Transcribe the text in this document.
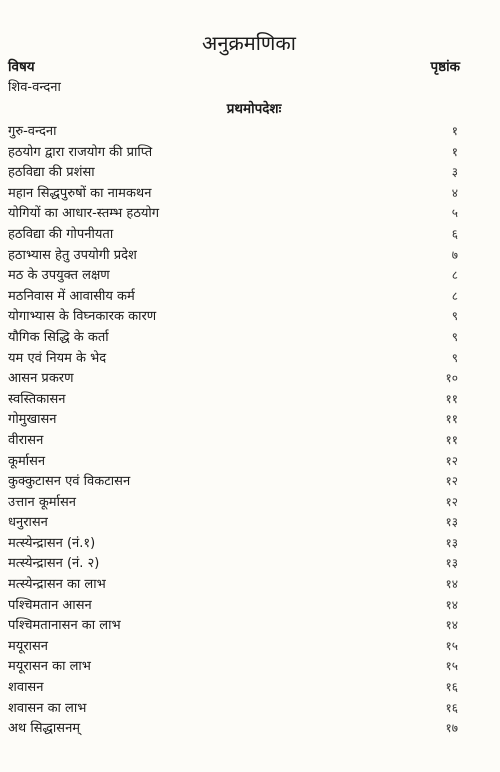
अनुक्रमणिका
विषय	पृष्ठांक
शिव-वन्दना
प्रथमोपदेशः
गुरु-वन्दना	१
हठयोग द्वारा राजयोग की प्राप्ति	१
हठविद्या की प्रशंसा	३
महान सिद्धपुरुषों का नामकथन	४
योगियों का आधार-स्तम्भ हठयोग	५
हठविद्या की गोपनीयता	६
हठाभ्यास हेतु उपयोगी प्रदेश	७
मठ के उपयुक्त लक्षण	८
मठनिवास में आवासीय कर्म	८
योगाभ्यास के विघ्नकारक कारण	९
यौगिक सिद्धि के कर्ता	९
यम एवं नियम के भेद	९
आसन प्रकरण	१०
स्वस्तिकासन	११
गोमुखासन	११
वीरासन	११
कूर्मासन	१२
कुक्कुटासन एवं विकटासन	१२
उत्तान कूर्मासन	१२
धनुरासन	१३
मत्स्येन्द्रासन (नं.१)	१३
मत्स्येन्द्रासन (नं. २)	१३
मत्स्येन्द्रासन का लाभ	१४
पश्चिमतान आसन	१४
पश्चिमतानासन का लाभ	१४
मयूरासन	१५
मयूरासन का लाभ	१५
शवासन	१६
शवासन का लाभ	१६
अथ सिद्धासनम्	१७
